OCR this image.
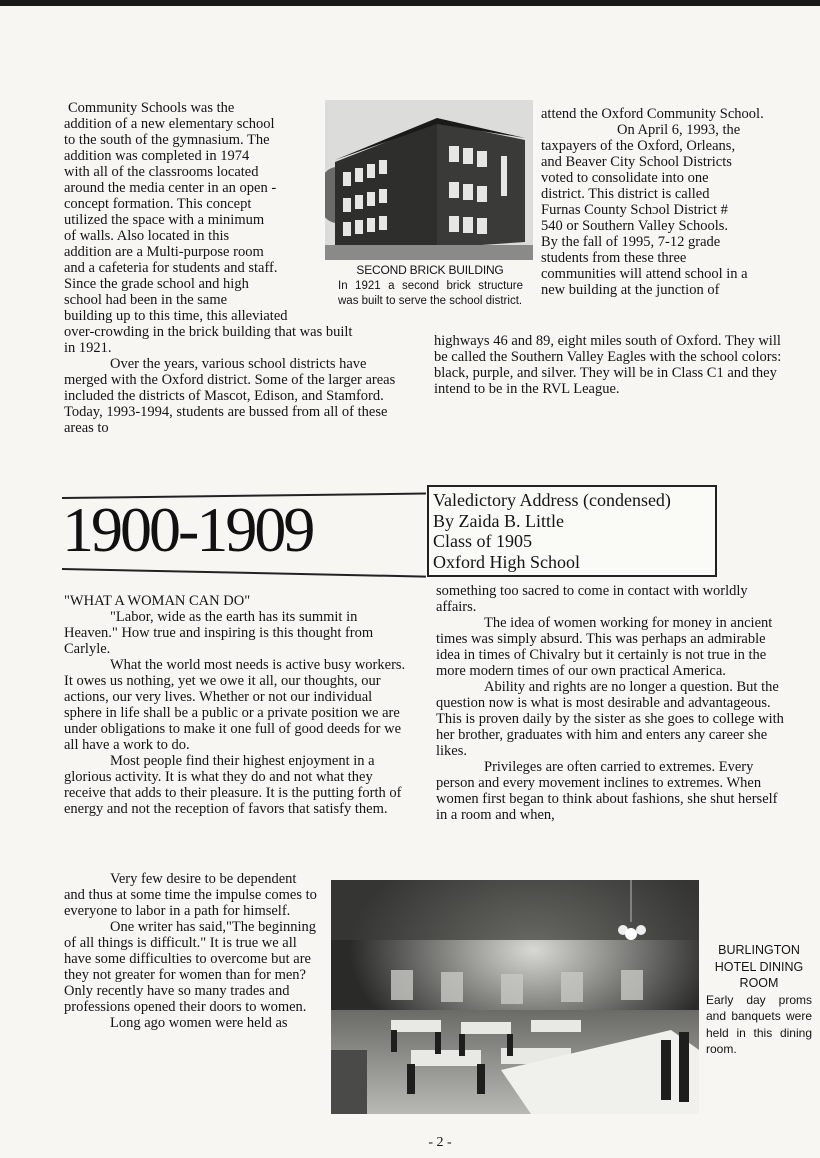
Community Schools was the
addition of a new elementary school
to the south of the gymnasium. The
addition was completed in 1974
with all of the classrooms located
around the media center in an open -
concept formation. This concept
utilized the space with a minimum
of walls. Also located in this
addition are a Multi-purpose room
and a cafeteria for students and staff.
Since the grade school and high
school had been in the same
building up to this time, this alleviated
over-crowding in the brick building that was built
in 1921.

Over the years, various school districts have merged with the Oxford district. Some of the larger areas included the districts of Mascot, Edison, and Stamford. Today, 1993-1994, students are bussed from all of these areas to

SECOND BRICK BUILDING
In 1921 a second brick structure was built to serve the school district.

attend the Oxford Community School.

On April 6, 1993, the
taxpayers of the Oxford, Orleans,
and Beaver City School Districts
voted to consolidate into one
district. This district is called
Furnas County Schɔol District #
540 or Southern Valley Schools.
By the fall of 1995, 7-12 grade
students from these three
communities will attend school in a
new building at the junction of

highways 46 and 89, eight miles south of Oxford. They will be called the Southern Valley Eagles with the school colors: black, purple, and silver. They will be in Class C1 and they intend to be in the RVL League.

1900-1909	Valedictory Address (condensed)
By Zaida B. Little
Class of 1905
Oxford High School

"WHAT A WOMAN CAN DO"

"Labor, wide as the earth has its summit in Heaven." How true and inspiring is this thought from Carlyle.

What the world most needs is active busy workers. It owes us nothing, yet we owe it all, our thoughts, our actions, our very lives. Whether or not our individual sphere in life shall be a public or a private position we are under obligations to make it one full of good deeds for we all have a work to do.

Most people find their highest enjoyment in a glorious activity. It is what they do and not what they receive that adds to their pleasure. It is the putting forth of energy and not the reception of favors that satisfy them.

Very few desire to be dependent and thus at some time the impulse comes to everyone to labor in a path for himself.

One writer has said,"The beginning of all things is difficult." It is true we all have some difficulties to overcome but are they not greater for women than for men? Only recently have so many trades and professions opened their doors to women.

Long ago women were held as

something too sacred to come in contact with worldly affairs.

The idea of women working for money in ancient times was simply absurd. This was perhaps an admirable idea in times of Chivalry but it certainly is not true in the more modern times of our own practical America.

Ability and rights are no longer a question. But the question now is what is most desirable and advantageous. This is proven daily by the sister as she goes to college with her brother, graduates with him and enters any career she likes.

Privileges are often carried to extremes. Every person and every movement inclines to extremes. When women first began to think about fashions, she shut herself in a room and when,

BURLINGTON HOTEL DINING ROOM
Early day proms and banquets were held in this dining room.
- 2 -
